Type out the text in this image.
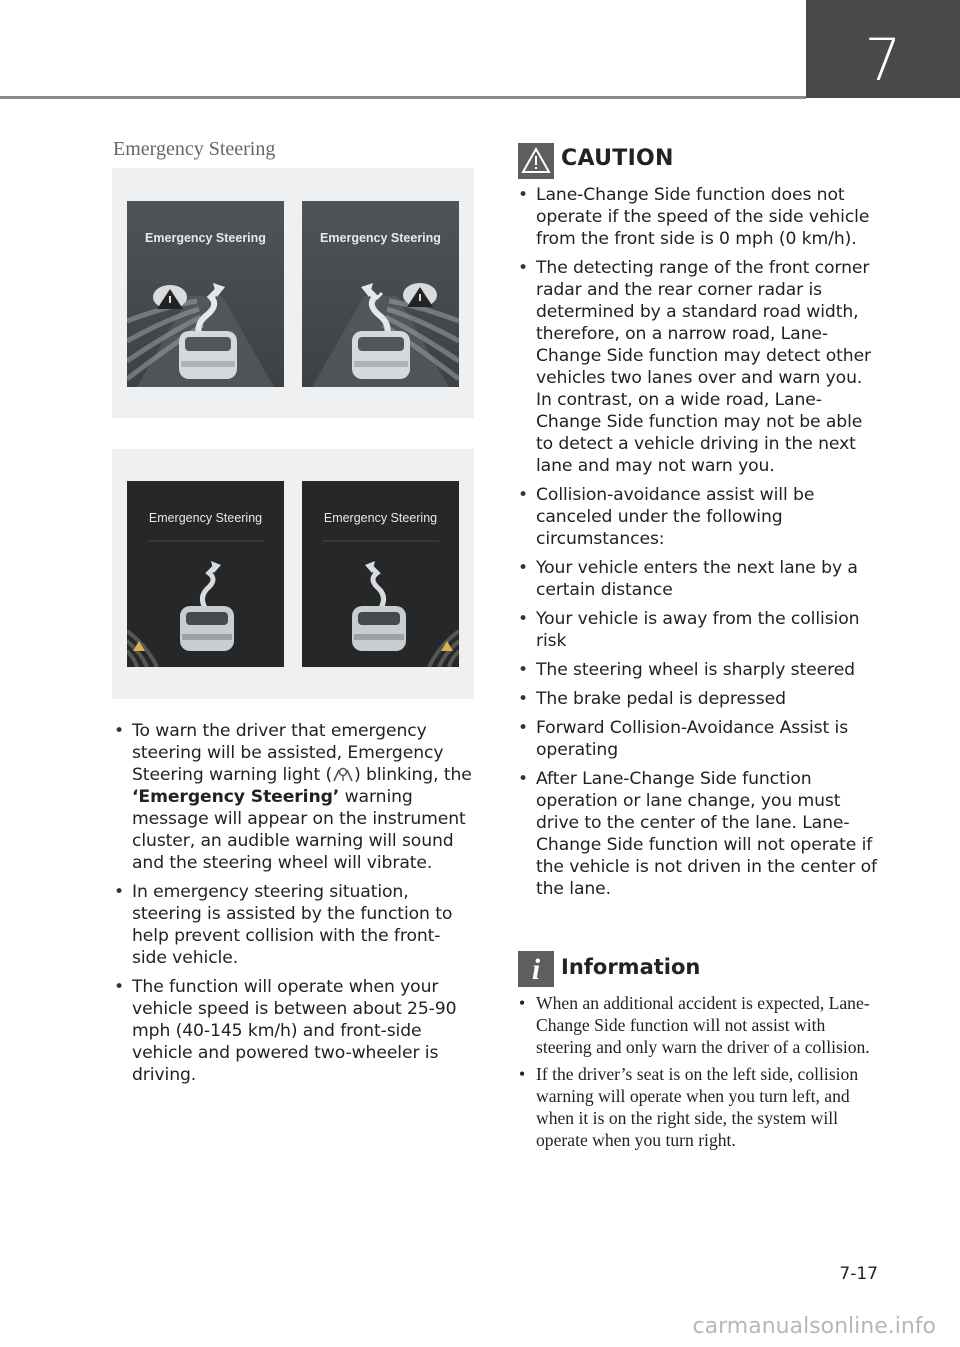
7
Emergency Steering
Emergency Steering	Emergency Steering
Emergency Steering	Emergency Steering
• To warn the driver that emergency steering will be assisted, Emergency Steering warning light ( ) blinking, the ‘Emergency Steering’ warning message will appear on the instrument cluster, an audible warning will sound and the steering wheel will vibrate.
• In emergency steering situation, steering is assisted by the function to help prevent collision with the front-side vehicle.
• The function will operate when your vehicle speed is between about 25-90 mph (40-145 km/h) and front-side vehicle and powered two-wheeler is driving.
CAUTION
• Lane-Change Side function does not operate if the speed of the side vehicle from the front side is 0 mph (0 km/h).
• The detecting range of the front corner radar and the rear corner radar is determined by a standard road width, therefore, on a narrow road, Lane-Change Side function may detect other vehicles two lanes over and warn you. In contrast, on a wide road, Lane-Change Side function may not be able to detect a vehicle driving in the next lane and may not warn you.
• Collision-avoidance assist will be canceled under the following circumstances:
• Your vehicle enters the next lane by a certain distance
• Your vehicle is away from the collision risk
• The steering wheel is sharply steered
• The brake pedal is depressed
• Forward Collision-Avoidance Assist is operating
• After Lane-Change Side function operation or lane change, you must drive to the center of the lane. Lane-Change Side function will not operate if the vehicle is not driven in the center of the lane.
i Information
• When an additional accident is expected, Lane-Change Side function will not assist with steering and only warn the driver of a collision.
• If the driver’s seat is on the left side, collision warning will operate when you turn left, and when it is on the right side, the system will operate when you turn right.
7-17
carmanualsonline.info
